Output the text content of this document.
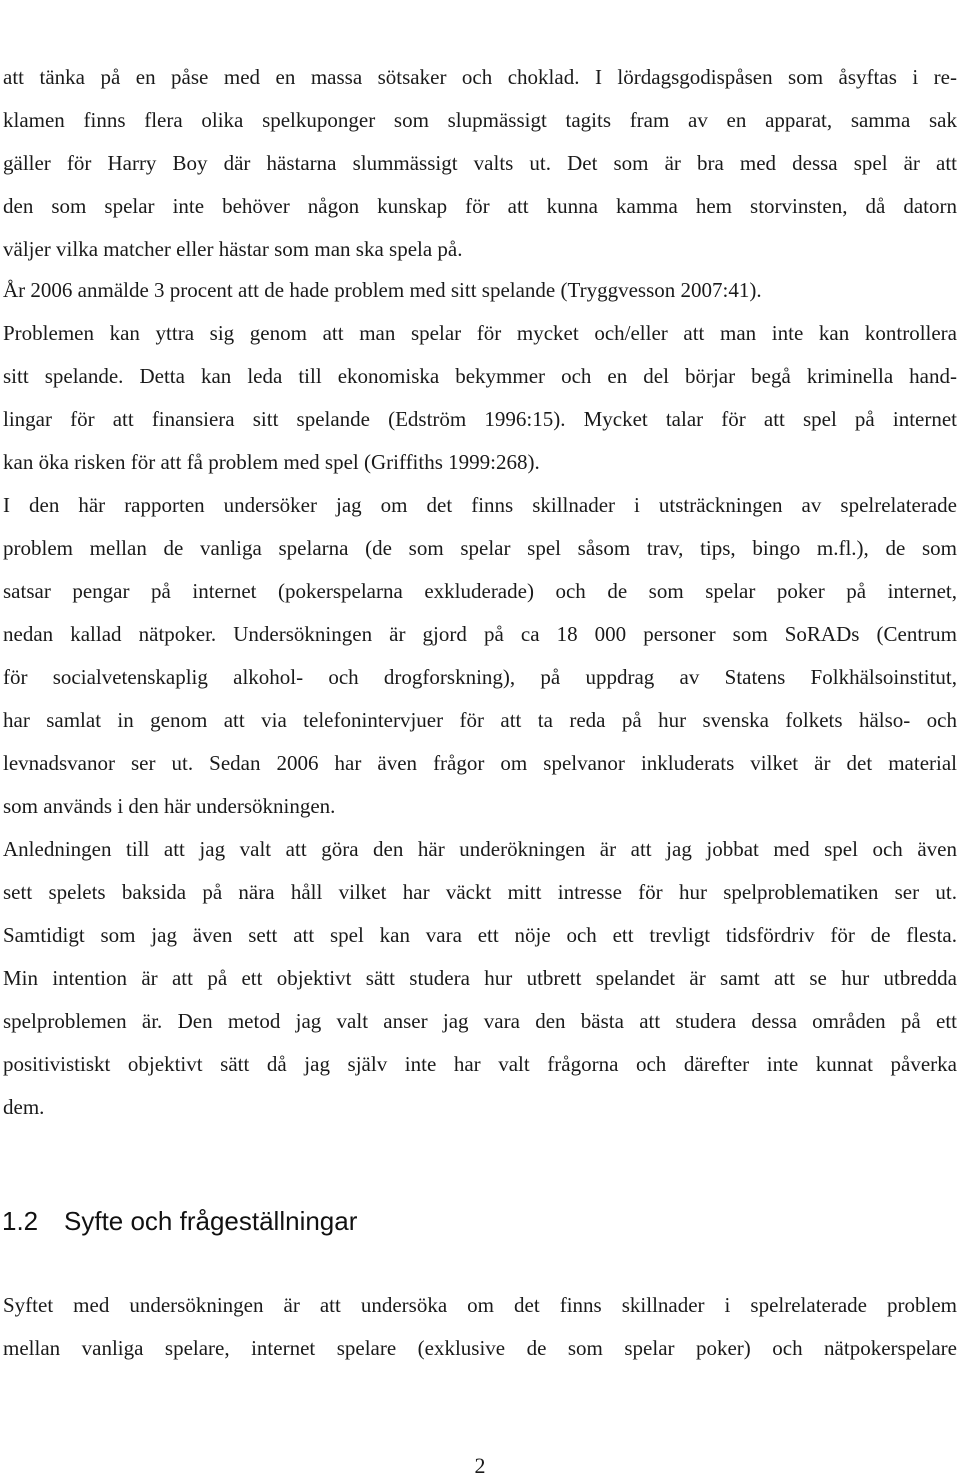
att tänka på en påse med en massa sötsaker och choklad. I lördagsgodispåsen som åsyftas i re-
klamen finns flera olika spelkuponger som slupmässigt tagits fram av en apparat, samma sak
gäller för Harry Boy där hästarna slummässigt valts ut. Det som är bra med dessa spel är att
den som spelar inte behöver någon kunskap för att kunna kamma hem storvinsten, då datorn
väljer vilka matcher eller hästar som man ska spela på.
År 2006 anmälde 3 procent att de hade problem med sitt spelande (Tryggvesson 2007:41).
Problemen kan yttra sig genom att man spelar för mycket och/eller att man inte kan kontrollera
sitt spelande. Detta kan leda till ekonomiska bekymmer och en del börjar begå kriminella hand-
lingar för att finansiera sitt spelande (Edström 1996:15). Mycket talar för att spel på internet
kan öka risken för att få problem med spel (Griffiths 1999:268).
I den här rapporten undersöker jag om det finns skillnader i utsträckningen av spelrelaterade
problem mellan de vanliga spelarna (de som spelar spel såsom trav, tips, bingo m.fl.), de som
satsar pengar på internet (pokerspelarna exkluderade) och de som spelar poker på internet,
nedan kallad nätpoker. Undersökningen är gjord på ca 18 000 personer som SoRADs (Centrum
för socialvetenskaplig alkohol- och drogforskning), på uppdrag av Statens Folkhälsoinstitut,
har samlat in genom att via telefonintervjuer för att ta reda på hur svenska folkets hälso- och
levnadsvanor ser ut. Sedan 2006 har även frågor om spelvanor inkluderats vilket är det material
som används i den här undersökningen.
Anledningen till att jag valt att göra den här underökningen är att jag jobbat med spel och även
sett spelets baksida på nära håll vilket har väckt mitt intresse för hur spelproblematiken ser ut.
Samtidigt som jag även sett att spel kan vara ett nöje och ett trevligt tidsfördriv för de flesta.
Min intention är att på ett objektivt sätt studera hur utbrett spelandet är samt att se hur utbredda
spelproblemen är. Den metod jag valt anser jag vara den bästa att studera dessa områden på ett
positivistiskt objektivt sätt då jag själv inte har valt frågorna och därefter inte kunnat påverka
dem.
1.2 Syfte och frågeställningar
Syftet med undersökningen är att undersöka om det finns skillnader i spelrelaterade problem
mellan vanliga spelare, internet spelare (exklusive de som spelar poker) och nätpokerspelare
2
